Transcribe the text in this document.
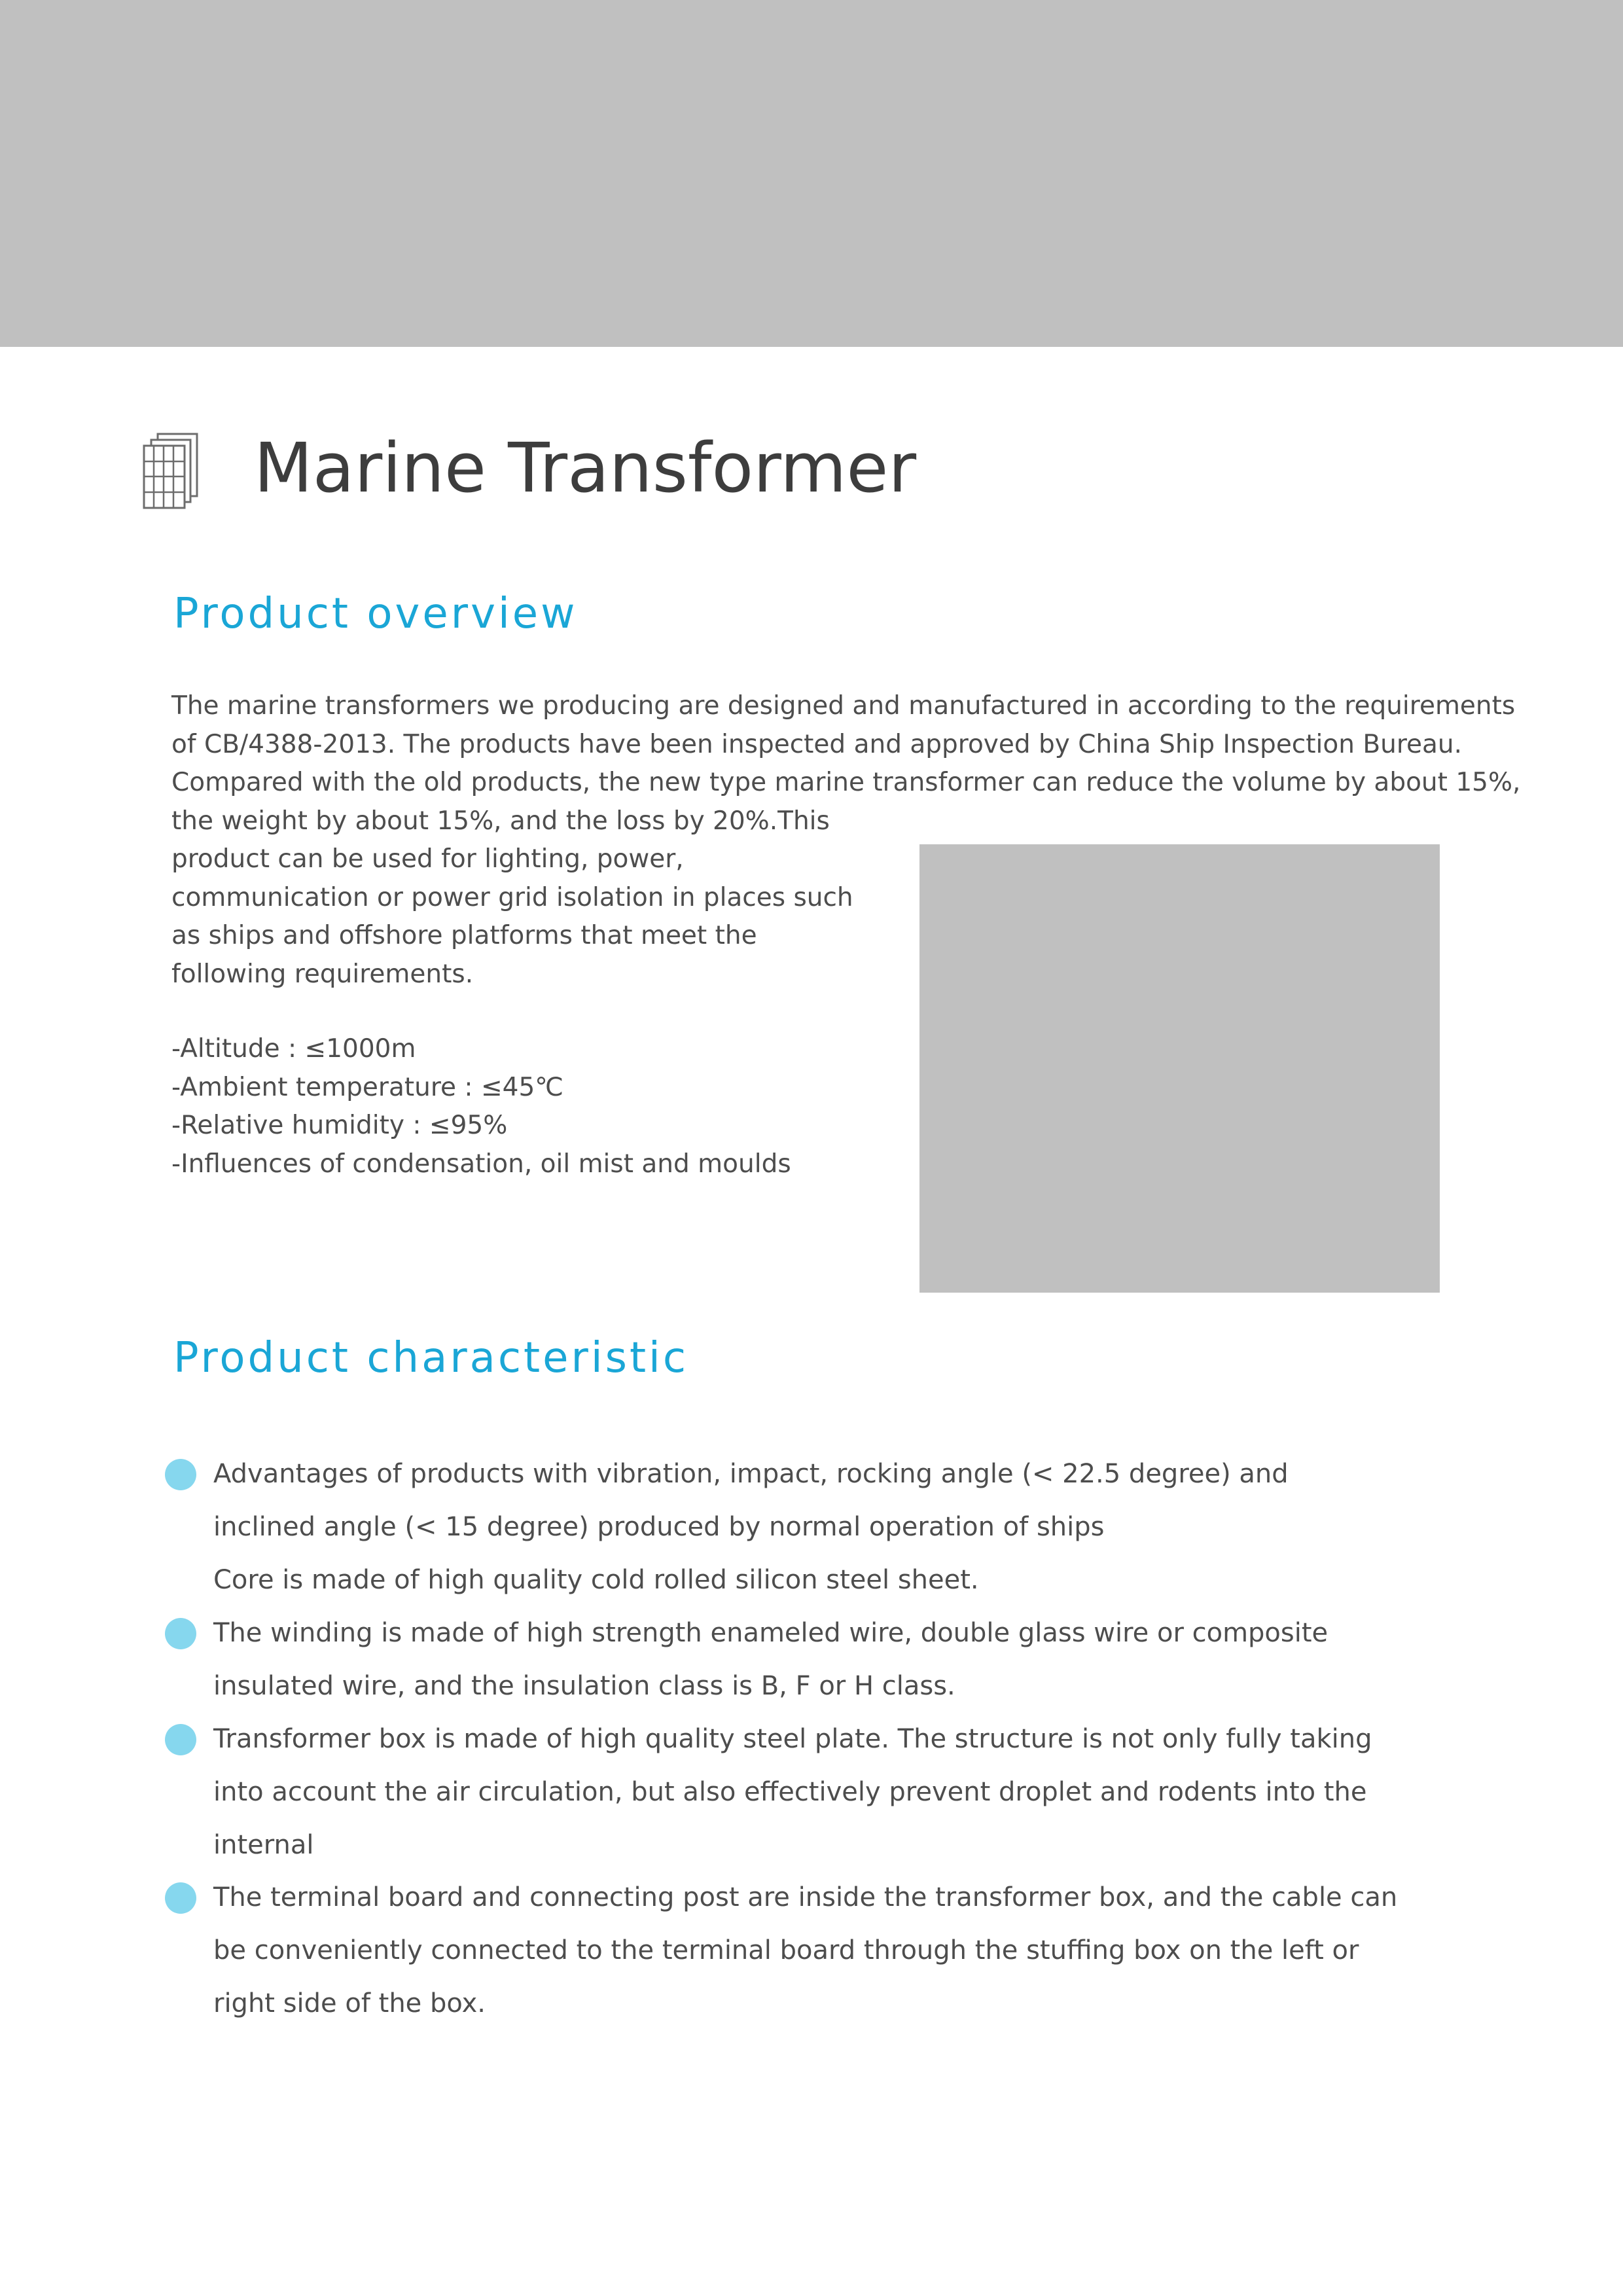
Marine Transformer
Product overview

The marine transformers we producing are designed and manufactured in according to the requirements
of CB/4388-2013. The products have been inspected and approved by China Ship Inspection Bureau.
Compared with the old products, the new type marine transformer can reduce the volume by about 15%,
the weight by about 15%, and the loss by 20%.This
product can be used for lighting, power,
communication or power grid isolation in places such
as ships and offshore platforms that meet the
following requirements.

-Altitude : ≤1000m
-Ambient temperature : ≤45℃
-Relative humidity : ≤95%
-Influences of condensation, oil mist and moulds
Product characteristic
Advantages of products with vibration, impact, rocking angle (< 22.5 degree) and
inclined angle (< 15 degree) produced by normal operation of ships
Core is made of high quality cold rolled silicon steel sheet.
The winding is made of high strength enameled wire, double glass wire or composite
insulated wire, and the insulation class is B, F or H class.
Transformer box is made of high quality steel plate. The structure is not only fully taking
into account the air circulation, but also effectively prevent droplet and rodents into the
internal
The terminal board and connecting post are inside the transformer box, and the cable can
be conveniently connected to the terminal board through the stuffing box on the left or
right side of the box.
